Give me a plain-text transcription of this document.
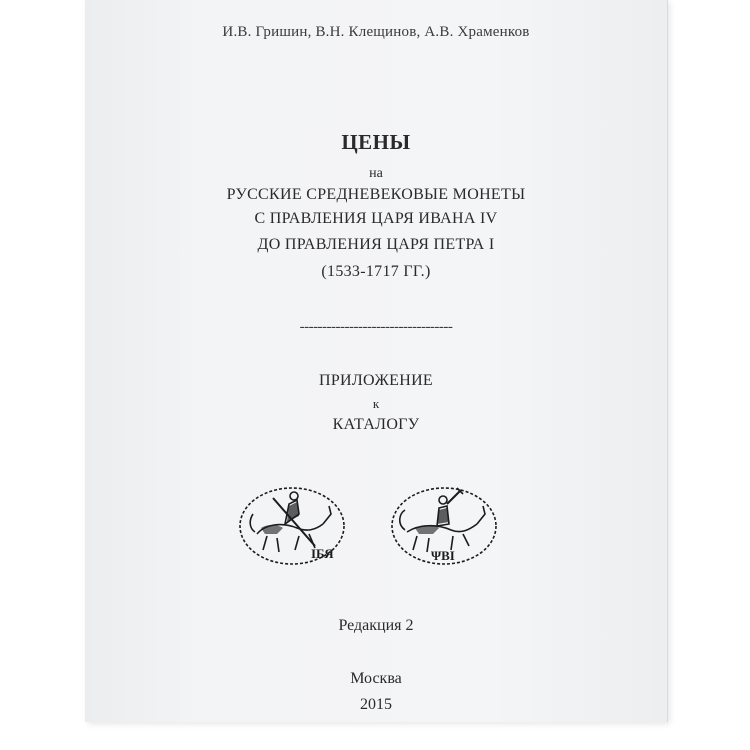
И.В. Гришин, В.Н. Клещинов, А.В. Храменков
ЦЕНЫ
на
РУССКИЕ СРЕДНЕВЕКОВЫЕ МОНЕТЫ
С ПРАВЛЕНИЯ ЦАРЯ ИВАНА IV
ДО ПРАВЛЕНИЯ ЦАРЯ ПЕТРА I
(1533-1717 ГГ.)
----------------------------------
ПРИЛОЖЕНИЕ
к
КАТАЛОГУ
IБЯ	ΨВI
Редакция 2
Москва
2015
